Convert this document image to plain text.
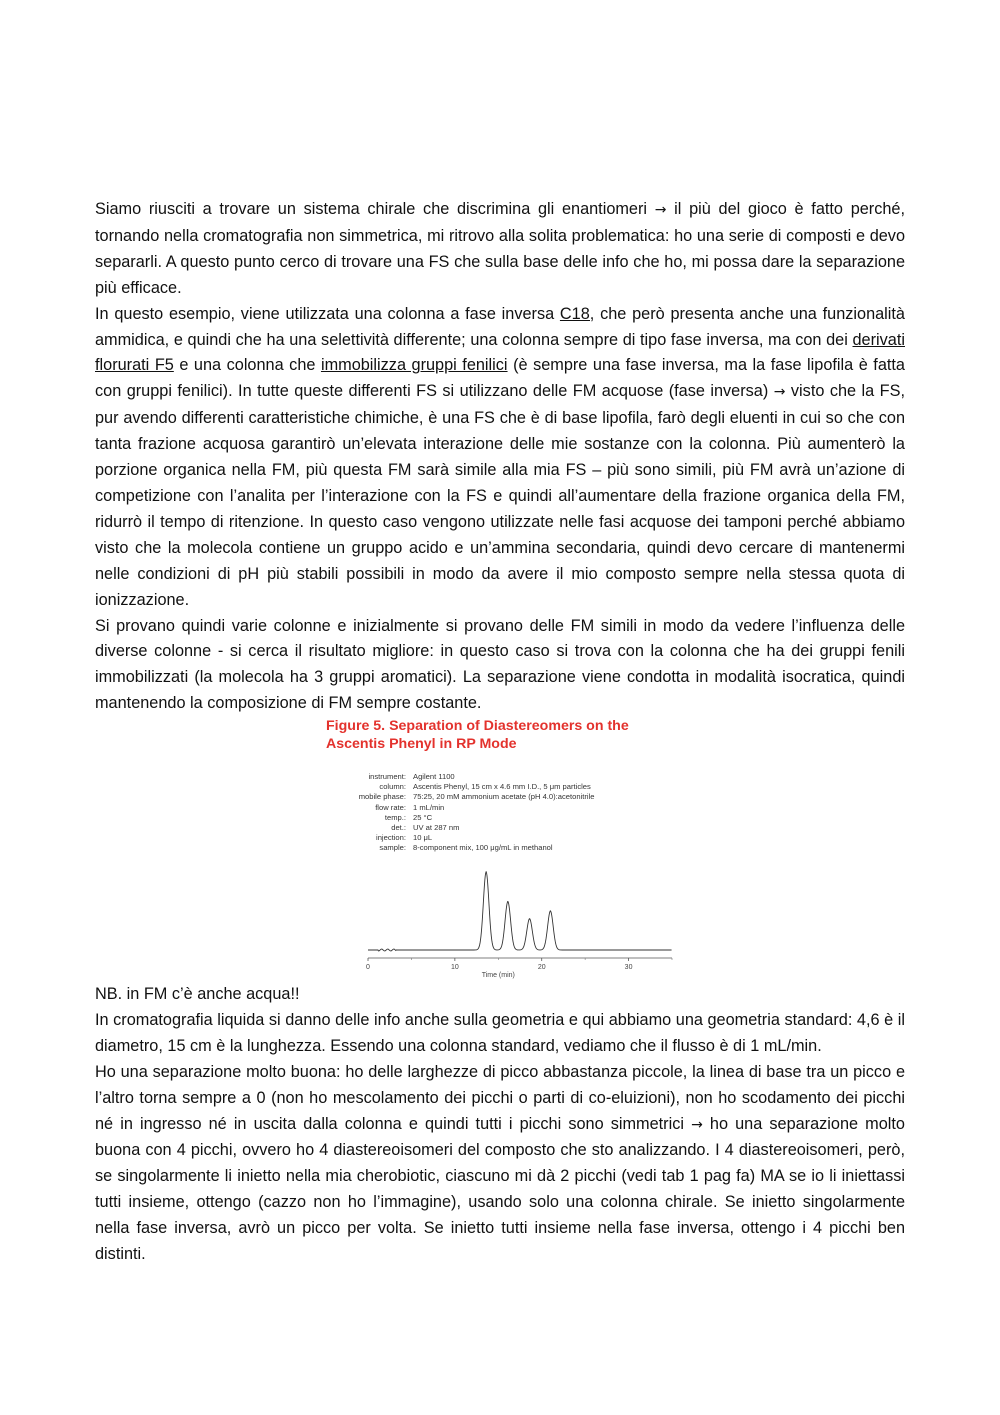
Siamo riusciti a trovare un sistema chirale che discrimina gli enantiomeri → il più del gioco è fatto perché, tornando nella cromatografia non simmetrica, mi ritrovo alla solita problematica: ho una serie di composti e devo separarli. A questo punto cerco di trovare una FS che sulla base delle info che ho, mi possa dare la separazione più efficace.

In questo esempio, viene utilizzata una colonna a fase inversa C18, che però presenta anche una funzionalità ammidica, e quindi che ha una selettività differente; una colonna sempre di tipo fase inversa, ma con dei derivati florurati F5 e una colonna che immobilizza gruppi fenilici (è sempre una fase inversa, ma la fase lipofila è fatta con gruppi fenilici). In tutte queste differenti FS si utilizzano delle FM acquose (fase inversa) → visto che la FS, pur avendo differenti caratteristiche chimiche, è una FS che è di base lipofila, farò degli eluenti in cui so che con tanta frazione acquosa garantirò un’elevata interazione delle mie sostanze con la colonna. Più aumenterò la porzione organica nella FM, più questa FM sarà simile alla mia FS – più sono simili, più FM avrà un’azione di competizione con l’analita per l’interazione con la FS e quindi all’aumentare della frazione organica della FM, ridurrò il tempo di ritenzione. In questo caso vengono utilizzate nelle fasi acquose dei tamponi perché abbiamo visto che la molecola contiene un gruppo acido e un’ammina secondaria, quindi devo cercare di mantenermi nelle condizioni di pH più stabili possibili in modo da avere il mio composto sempre nella stessa quota di ionizzazione.

Si provano quindi varie colonne e inizialmente si provano delle FM simili in modo da vedere l’influenza delle diverse colonne - si cerca il risultato migliore: in questo caso si trova con la colonna che ha dei gruppi fenili immobilizzati (la molecola ha 3 gruppi aromatici). La separazione viene condotta in modalità isocratica, quindi mantenendo la composizione di FM sempre costante.

Figure 5. Separation of Diastereomers on the
Ascentis Phenyl in RP Mode
instrument: Agilent 1100
column: Ascentis Phenyl, 15 cm x 4.6 mm I.D., 5 μm particles
mobile phase: 75:25, 20 mM ammonium acetate (pH 4.0):acetonitrile
flow rate: 1 mL/min
temp.: 25 °C
det.: UV at 287 nm
injection: 10 μL
sample: 8-component mix, 100 μg/mL in methanol
0	10	20	30
Time (min)

NB. in FM c’è anche acqua!!

In cromatografia liquida si danno delle info anche sulla geometria e qui abbiamo una geometria standard: 4,6 è il diametro, 15 cm è la lunghezza. Essendo una colonna standard, vediamo che il flusso è di 1 mL/min.

Ho una separazione molto buona: ho delle larghezze di picco abbastanza piccole, la linea di base tra un picco e l’altro torna sempre a 0 (non ho mescolamento dei picchi o parti di co-eluizioni), non ho scodamento dei picchi né in ingresso né in uscita dalla colonna e quindi tutti i picchi sono simmetrici → ho una separazione molto buona con 4 picchi, ovvero ho 4 diastereoisomeri del composto che sto analizzando. I 4 diastereoisomeri, però, se singolarmente li inietto nella mia cherobiotic, ciascuno mi dà 2 picchi (vedi tab 1 pag fa) MA se io li iniettassi tutti insieme, ottengo (cazzo non ho l’immagine), usando solo una colonna chirale. Se inietto singolarmente nella fase inversa, avrò un picco per volta. Se inietto tutti insieme nella fase inversa, ottengo i 4 picchi ben distinti.
